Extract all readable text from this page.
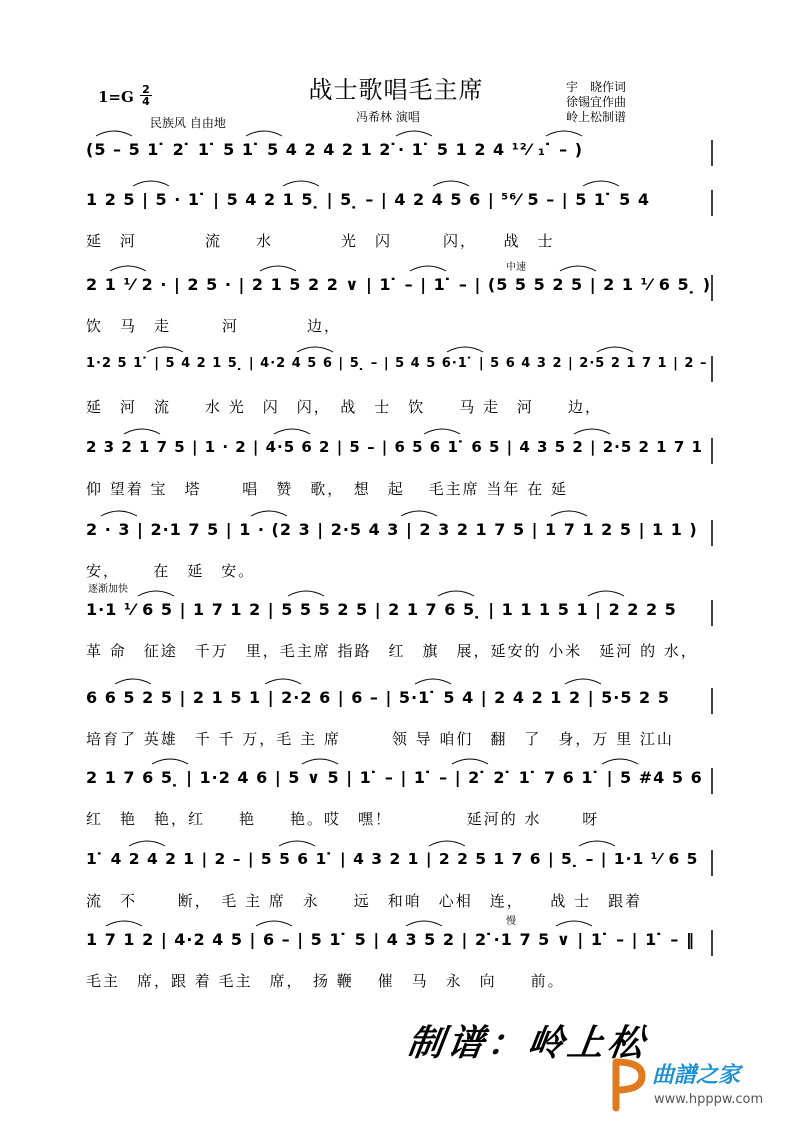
战士歌唱毛主席
$1=G \frac{2}{4}$	宇　晓作词
徐锡宜作曲
岭上松制谱
冯希林 演唱
民族风 自由地
(5 – 5 1 ̇ 2 ̇ 1 ̇ 5 1 ̇ 5 4 2 4 2 1 2 ̇· 1 ̇ 5 1 2 4 ¹²⁄ ₁ ̇ – )
1 2 5 | 5 · 1 ̇ | 5 4 2 1 5 ̣ | 5 ̣ – | 4 2 4 5 6 | ⁵⁶⁄ 5 – | 5 1 ̇ 5 4
延　河　　　　流　　水　　　　光　闪　　　闪，　　战　士
2 1 ¹⁄ 2 · | 2 5 · | 2 1 5 2 2 ∨ | 1 ̇ – | 1 ̇ – | (5 5 5 2 5 | 2 1 ¹⁄ 6 5 ̣ )
饮　马　走　　　河　　　　边，
1·2 5 1 ̇ | 5 4 2 1 5 ̣ | 4·2 4 5 6 | 5 ̣ – | 5 4 5 6·1 ̇ | 5 6 4 3 2 | 2·5 2 1 7 1 | 2 –
延　河　流　　水 光　闪　闪，　战　士　饮　　马 走　河　　边，
2 3 2 1 7 5 | 1 · 2 | 4·5 6 2 | 5 – | 6 5 6 1 ̇ 6 5 | 4 3 5 2 | 2·5 2 1 7 1
仰 望着 宝　塔　　 唱　赞　歌，　想　起　 毛主席 当年 在 延
2 · 3 | 2·1 7 5 | 1 · (2 3 | 2·5 4 3 | 2 3 2 1 7 5 | 1 7 1 2 5 | 1 1 )
安，　　 在　延　安。
1·1 ¹⁄ 6 5 | 1 7 1 2 | 5 5 5 2 5 | 2 1 7 6 5 ̣ | 1 1 1 5 1 | 2 2 2 5
革 命　征途　千万　里，毛主席 指路　红　旗　展，延安的 小米　延河 的 水，
6 6 5 2 5 | 2 1 5 1 | 2·2 6 | 6 – | 5·1 ̇ 5 4 | 2 4 2 1 2 | 5·5 2 5
培育了 英雄　千 千 万，毛 主 席　　　领 导 咱们　翻　了　身，万 里 江山
2 1 7 6 5 ̣ | 1·2 4 6 | 5 ∨ 5 | 1 ̇ – | 1 ̇ – | 2 ̇ 2 ̇ 1 ̇ 7 6 1 ̇ | 5 #4 5 6
红　艳　艳，红　　艳　　艳。哎　嘿！　　　　 延河的 水　　 呀
1 ̇ 4 2 4 2 1 | 2 – | 5 5 6 1 ̇ | 4 3 2 1 | 2 2 5 1 7 6 | 5 ̣ – | 1·1 ¹⁄ 6 5
流　不　　 断，　毛 主 席　永　　远　和咱　心相　连，　　战 士　跟着
1 7 1 2 | 4·2 4 5 | 6 – | 5 1 ̇ 5 | 4 3 5 2 | 2 ̇·1 7 5 ∨ | 1 ̇ – | 1 ̇ – ‖
毛主　席，跟 着 毛主　席，　扬 鞭　 催　马　永　向　　前。
中速
逐渐加快
慢
制谱：岭上松
曲譜之家
www.hpppw.com
